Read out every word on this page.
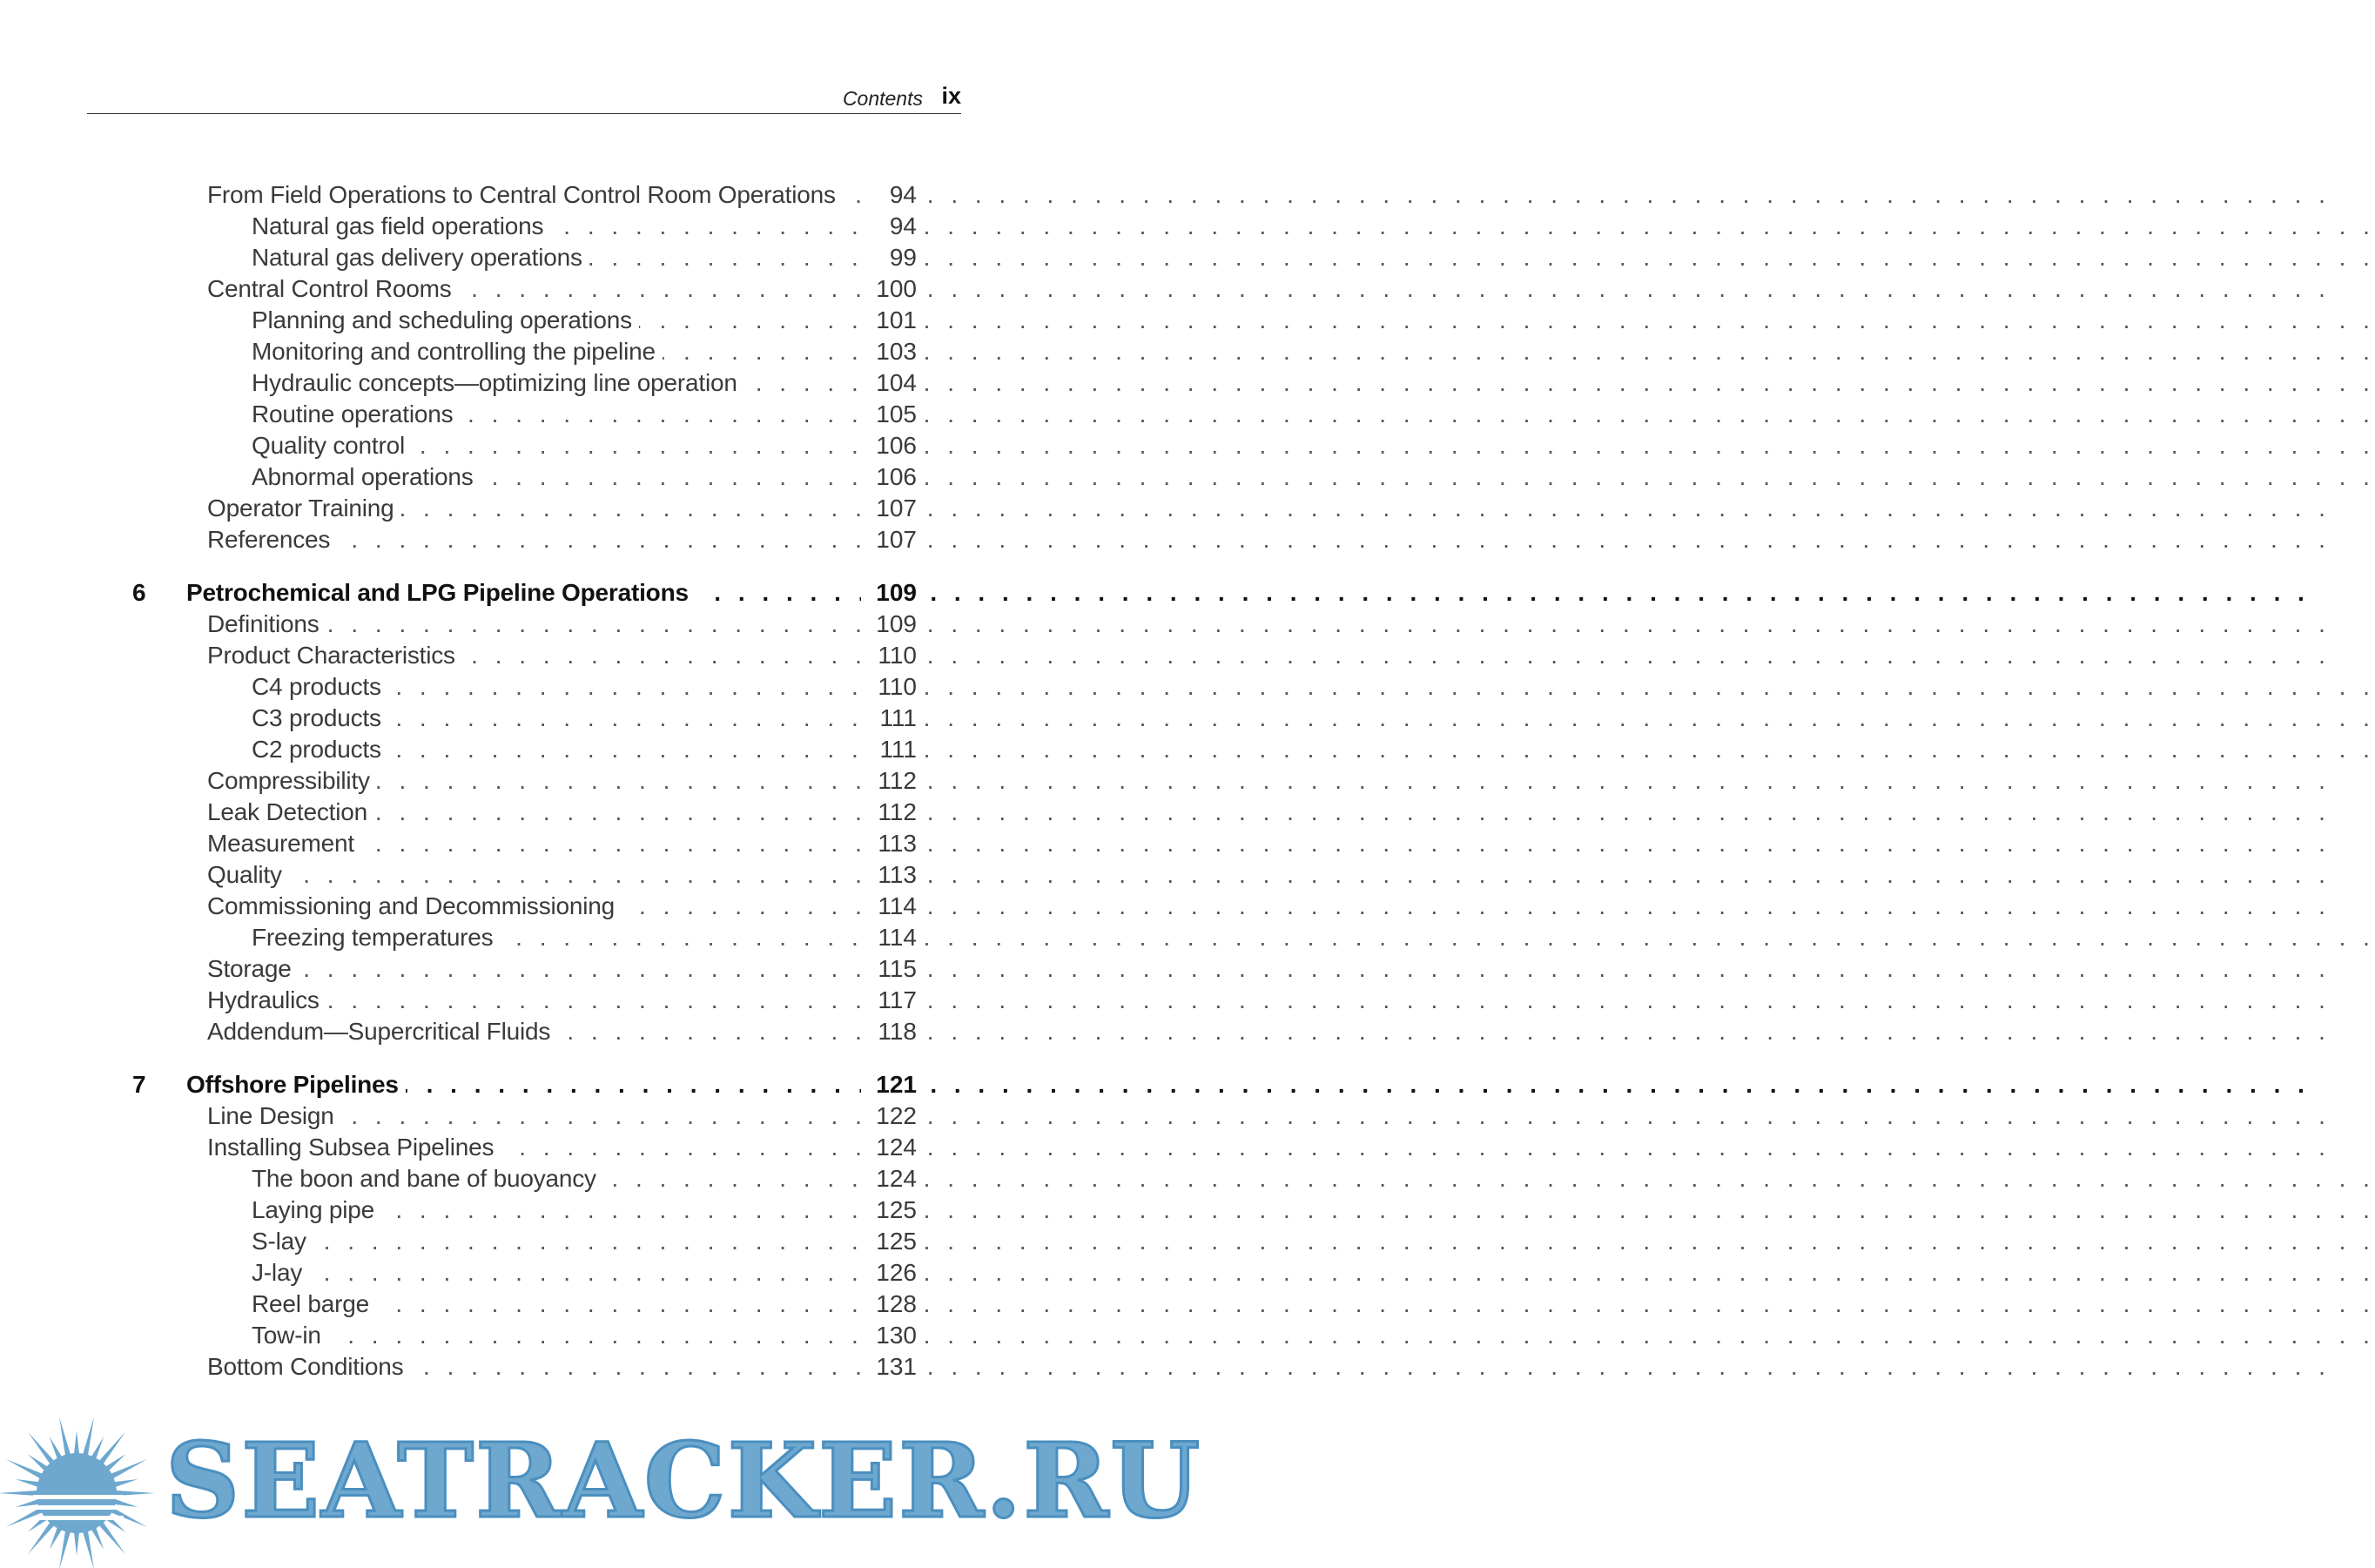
Contents ix
. . .
From Field Operations to Central Control Room Operations	94
. . .
Natural gas field operations	94
. . .
Natural gas delivery operations	99
. . .
Central Control Rooms	100
. . .
Planning and scheduling operations	101
. . .
Monitoring and controlling the pipeline	103
. . .
Hydraulic concepts—optimizing line operation	104
. . .
Routine operations	105
. . .
Quality control	106
. . .
Abnormal operations	106
. . .
Operator Training	107
. . .
References	107
6 . . . Petrochemical and LPG Pipeline Operations	109
. . .
Definitions	109
. . .
Product Characteristics	110
. . .
C4 products	110
. . .
C3 products	111
. . .
C2 products	111
. . .
Compressibility	112
. . .
Leak Detection	112
. . .
Measurement	113
. . .
Quality	113
. . .
Commissioning and Decommissioning	114
. . .
Freezing temperatures	114
. . .
Storage	115
. . .
Hydraulics	117
. . .
Addendum—Supercritical Fluids	118
7 . . . Offshore Pipelines	121
. . .
Line Design	122
. . .
Installing Subsea Pipelines	124
. . .
The boon and bane of buoyancy	124
. . .
Laying pipe	125
. . .
S-lay	125
. . .
J-lay	126
. . .
Reel barge	128
. . .
Tow-in	130
. . .
Bottom Conditions	131
SEATRACKER.RU
